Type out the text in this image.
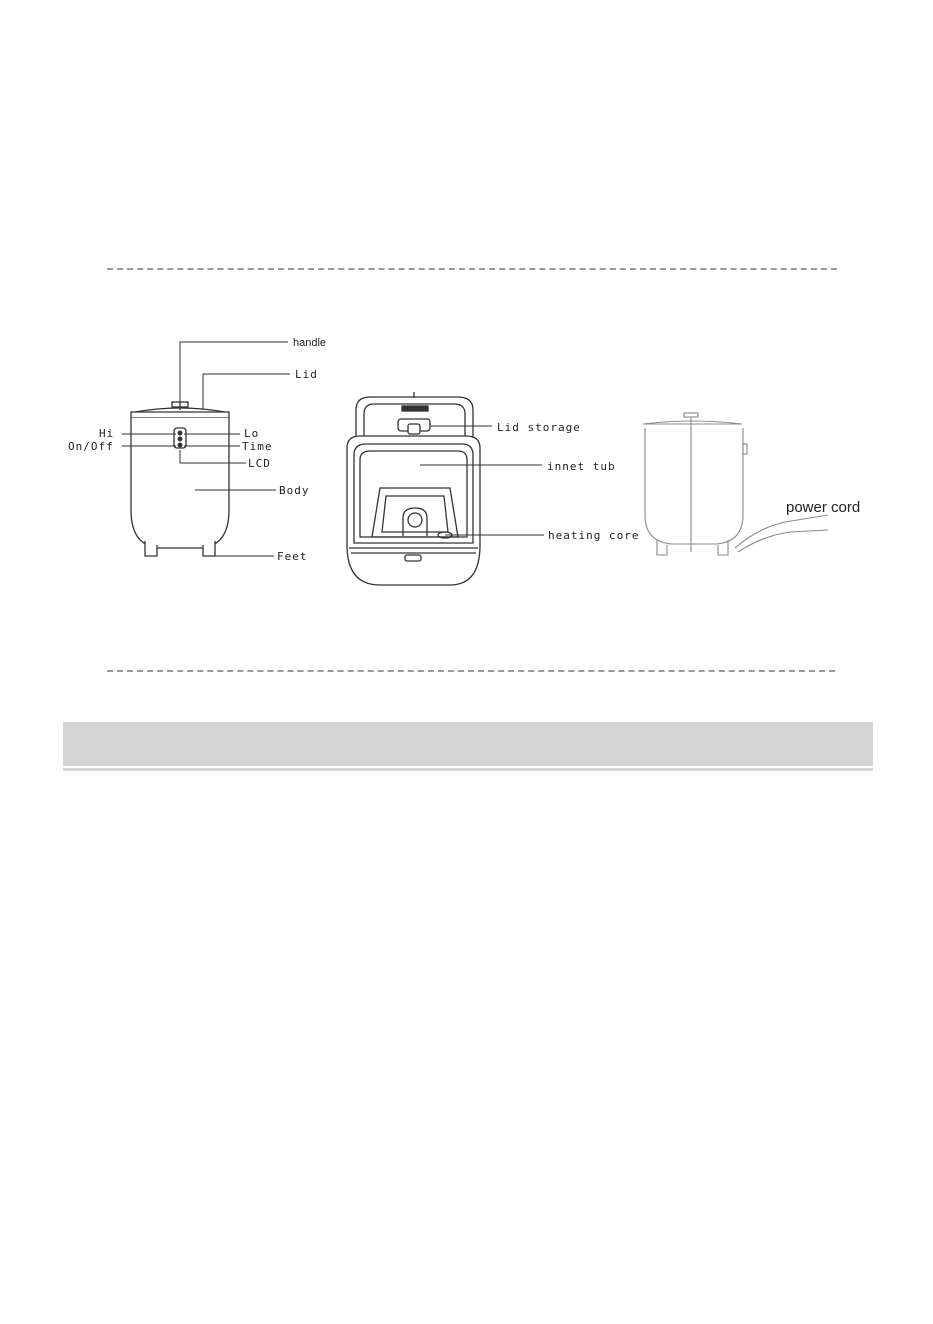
handle
Lid
Hi	Lo
On/Off	Time
LCD
Body
Feet
Lid storage
innet tub
heating core
power cord
